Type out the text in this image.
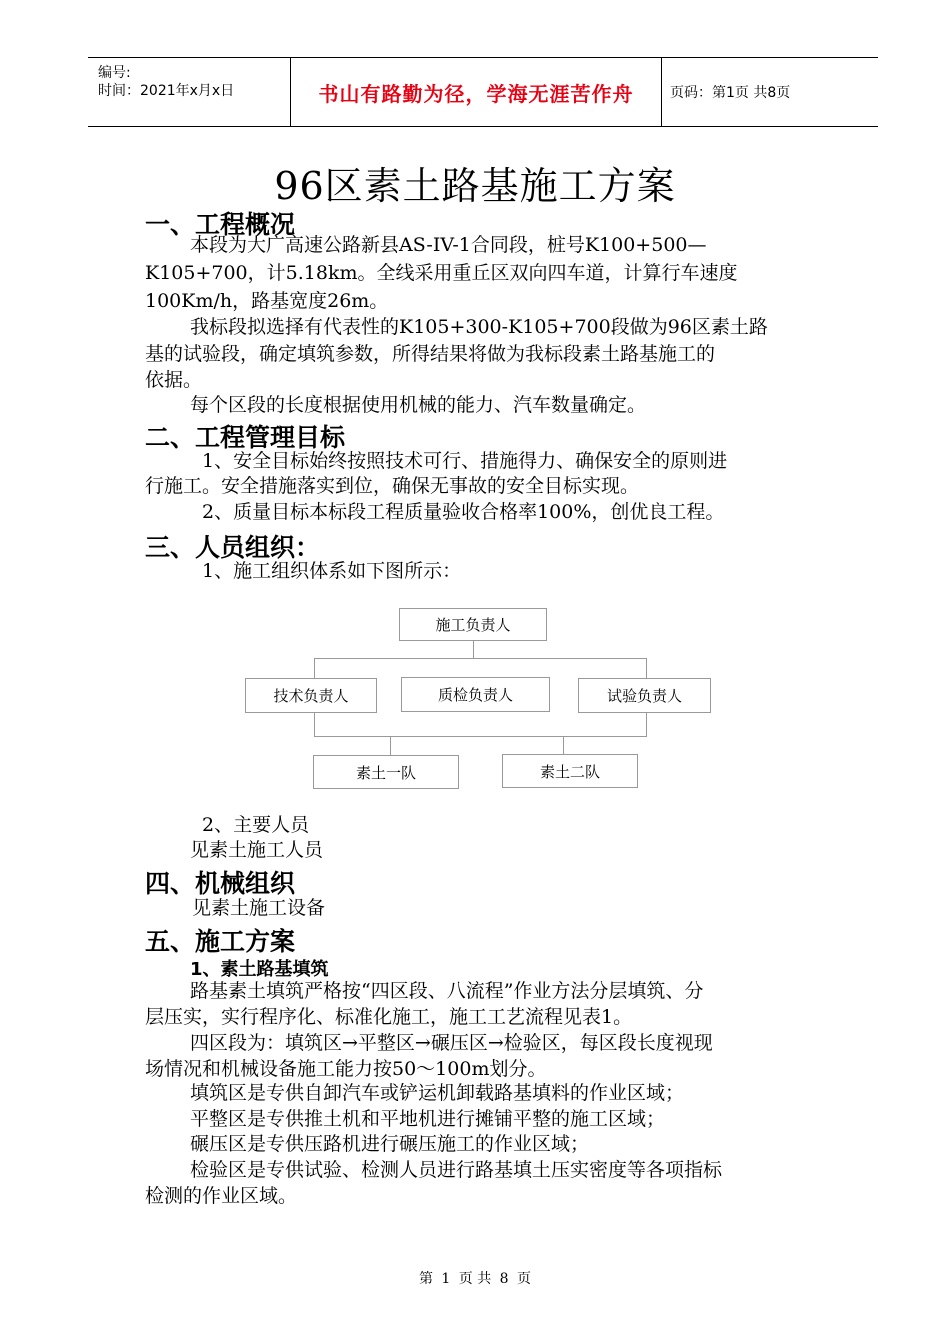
编号:
时间：2021年x月x日	书山有路勤为径，学海无涯苦作舟	页码：第1页 共8页
96区素土路基施工方案
一、工程概况
本段为大广高速公路新县AS-IV-1合同段，桩号K100+500—
K105+700，计5.18km。全线采用重丘区双向四车道，计算行车速度
100Km/h，路基宽度26m。
我标段拟选择有代表性的K105+300-K105+700段做为96区素土路
基的试验段，确定填筑参数，所得结果将做为我标段素土路基施工的
依据。
每个区段的长度根据使用机械的能力、汽车数量确定。
二、工程管理目标
1、安全目标始终按照技术可行、措施得力、确保安全的原则进
行施工。安全措施落实到位，确保无事故的安全目标实现。
2、质量目标本标段工程质量验收合格率100%，创优良工程。
三、人员组织：
1、施工组织体系如下图所示：
施工负责人
技术负责人	质检负责人	试验负责人
素土一队	素土二队
2、主要人员
见素土施工人员
四、机械组织
见素土施工设备
五、施工方案
1、素土路基填筑
路基素土填筑严格按“四区段、八流程”作业方法分层填筑、分
层压实，实行程序化、标准化施工，施工工艺流程见表1。
四区段为：填筑区→平整区→碾压区→检验区，每区段长度视现
场情况和机械设备施工能力按50～100m划分。
填筑区是专供自卸汽车或铲运机卸载路基填料的作业区域；
平整区是专供推土机和平地机进行摊铺平整的施工区域；
碾压区是专供压路机进行碾压施工的作业区域；
检验区是专供试验、检测人员进行路基填土压实密度等各项指标
检测的作业区域。
第 1 页 共 8 页
